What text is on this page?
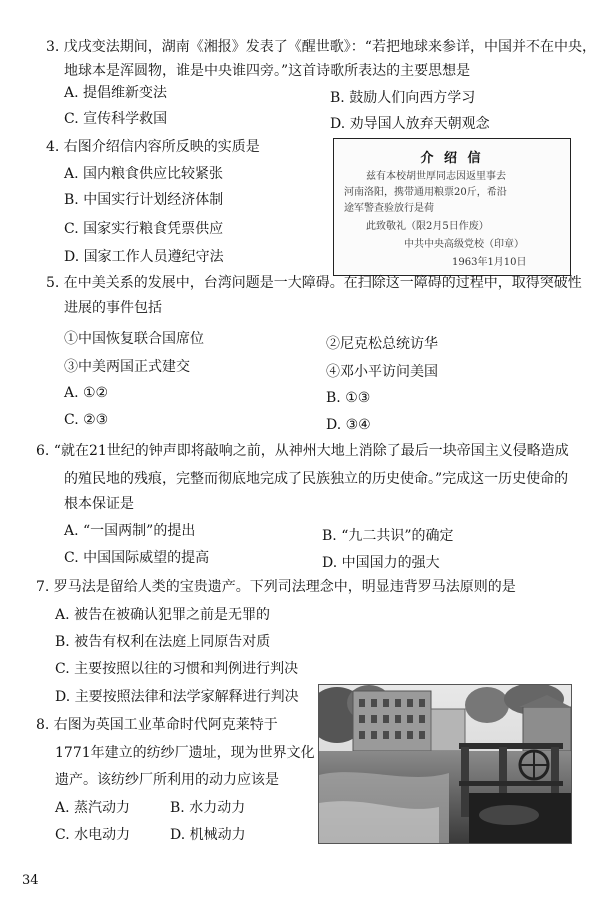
3. 戊戌变法期间，湖南《湘报》发表了《醒世歌》：“若把地球来参详，中国并不在中央，
地球本是浑圆物，谁是中央谁四旁。”这首诗歌所表达的主要思想是
A. 提倡维新变法	B. 鼓励人们向西方学习
C. 宣传科学救国	D. 劝导国人放弃天朝观念
4. 右图介绍信内容所反映的实质是
A. 国内粮食供应比较紧张
B. 中国实行计划经济体制
C. 国家实行粮食凭票供应
D. 国家工作人员遵纪守法
介 绍 信
兹有本校胡世厚同志因返里事去
河南洛阳，携带通用粮票20斤，希沿
途军警查验放行是荷
此致敬礼（限2月5日作废）
中共中央高级党校（印章）
1963年1月10日
5. 在中美关系的发展中，台湾问题是一大障碍。在扫除这一障碍的过程中，取得突破性
进展的事件包括
①中国恢复联合国席位	②尼克松总统访华
③中美两国正式建交	④邓小平访问美国
A. ①②	B. ①③
C. ②③	D. ③④
6. “就在21世纪的钟声即将敲响之前，从神州大地上消除了最后一块帝国主义侵略造成
的殖民地的残痕，完整而彻底地完成了民族独立的历史使命。”完成这一历史使命的
根本保证是
A. “一国两制”的提出	B. “九二共识”的确定
C. 中国国际威望的提高	D. 中国国力的强大
7. 罗马法是留给人类的宝贵遗产。下列司法理念中，明显违背罗马法原则的是
A. 被告在被确认犯罪之前是无罪的
B. 被告有权利在法庭上同原告对质
C. 主要按照以往的习惯和判例进行判决
D. 主要按照法律和法学家解释进行判决
8. 右图为英国工业革命时代阿克莱特于
1771年建立的纺纱厂遗址，现为世界文化
遗产。该纺纱厂所利用的动力应该是
A. 蒸汽动力	B. 水力动力
C. 水电动力	D. 机械动力
34
